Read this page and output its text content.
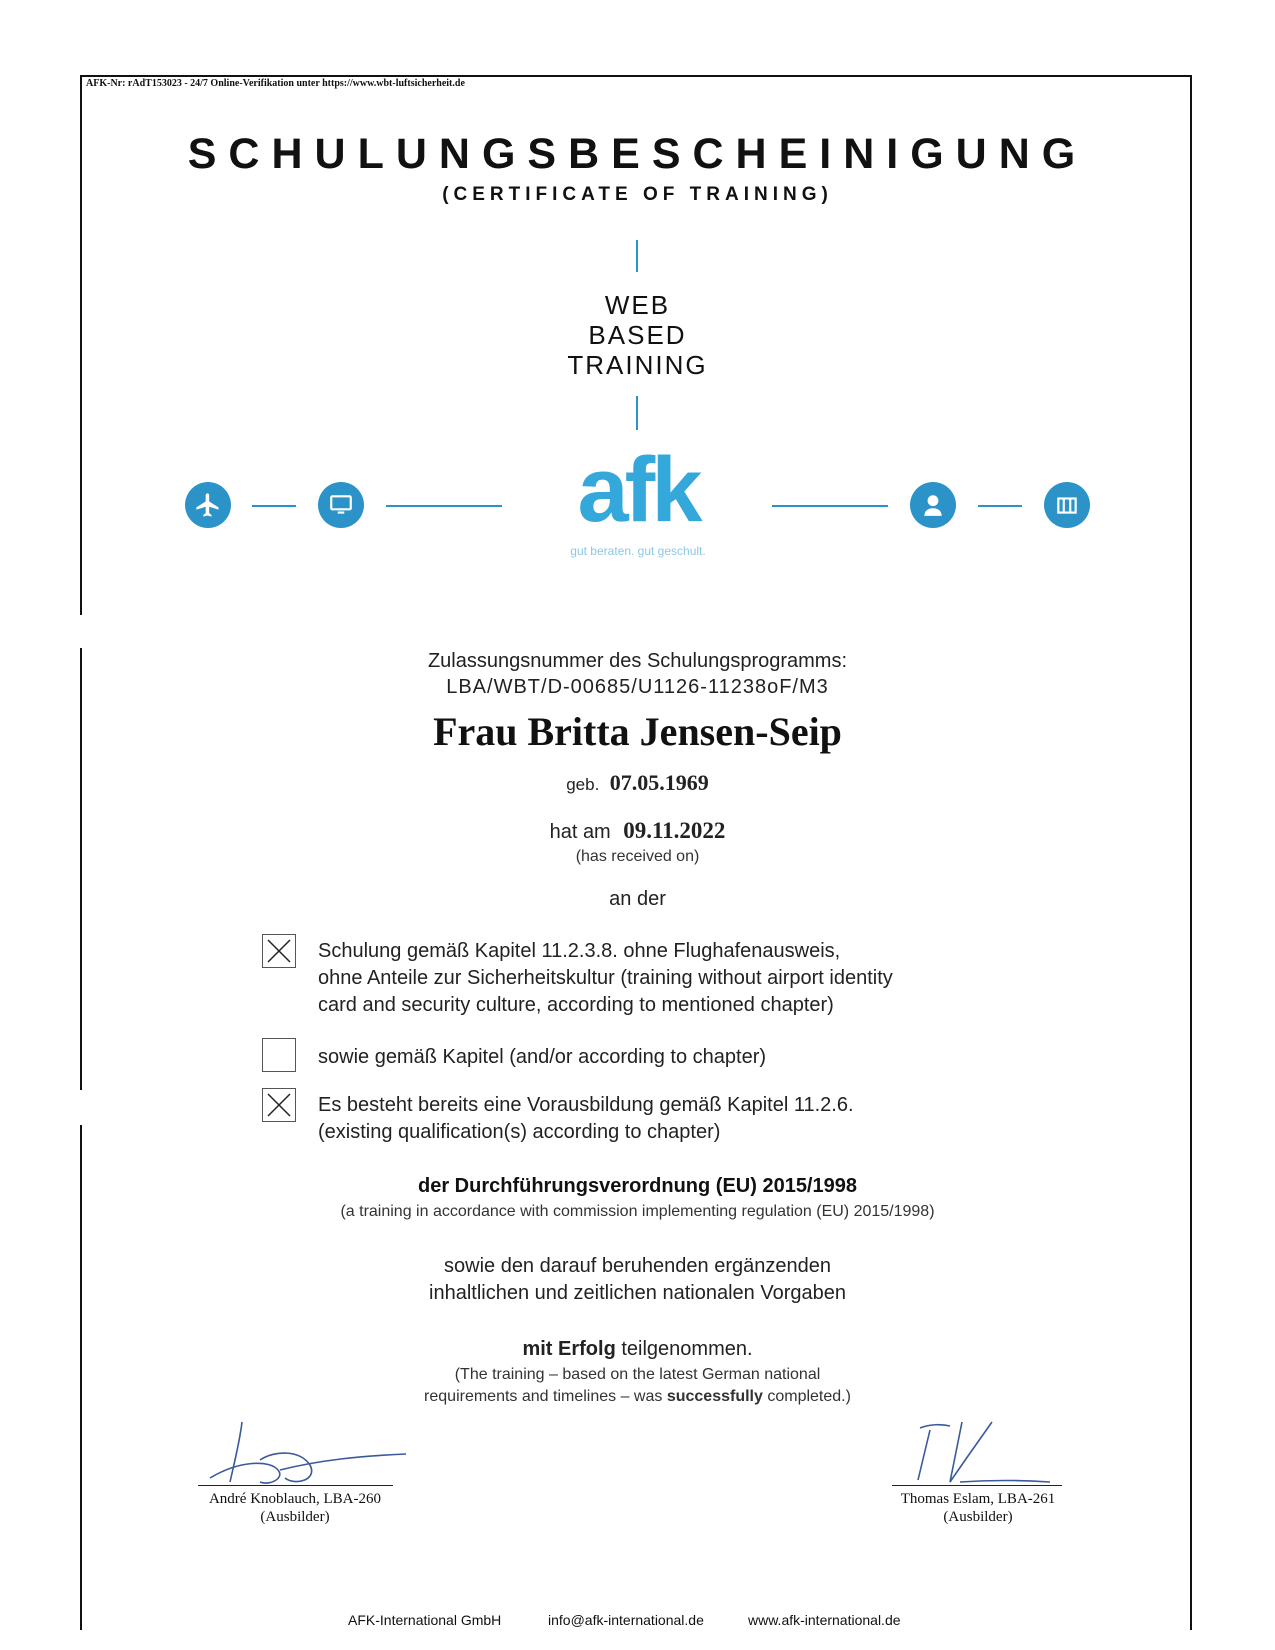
AFK-Nr: rAdT153023 - 24/7 Online-Verifikation unter https://www.wbt-luftsicherheit.de
SCHULUNGSBESCHEINIGUNG
(CERTIFICATE OF TRAINING)
WEB
BASED
TRAINING
afk
gut beraten. gut geschult.
Zulassungsnummer des Schulungsprogramms:
LBA/WBT/D-00685/U1126-11238oF/M3
Frau Britta Jensen-Seip
geb. 07.05.1969
hat am 09.11.2022
(has received on)
an der
Schulung gemäß Kapitel 11.2.3.8. ohne Flughafenausweis,
ohne Anteile zur Sicherheitskultur (training without airport identity
card and security culture, according to mentioned chapter)
sowie gemäß Kapitel (and/or according to chapter)
Es besteht bereits eine Vorausbildung gemäß Kapitel 11.2.6.
(existing qualification(s) according to chapter)
der Durchführungsverordnung (EU) 2015/1998
(a training in accordance with commission implementing regulation (EU) 2015/1998)
sowie den darauf beruhenden ergänzenden
inhaltlichen und zeitlichen nationalen Vorgaben
mit Erfolg teilgenommen.
(The training – based on the latest German national
requirements and timelines – was successfully completed.)
André Knoblauch, LBA-260
(Ausbilder)
Thomas Eslam, LBA-261
(Ausbilder)
AFK-International GmbH	info@afk-international.de	www.afk-international.de
